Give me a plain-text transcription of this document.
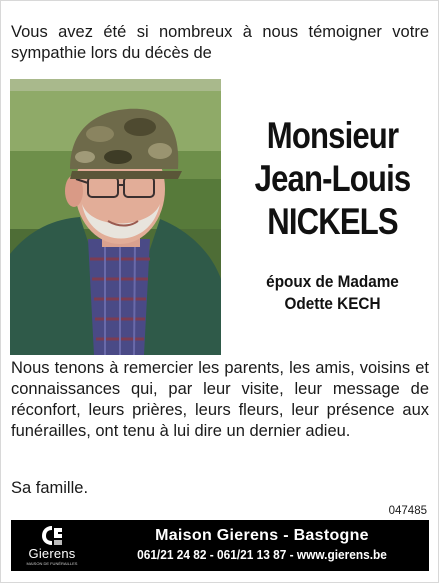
Vous avez été si nombreux à nous témoigner votre sympathie lors du décès de
Monsieur
Jean-Louis
NICKELS
époux de Madame
Odette KECH
Nous tenons à remercier les parents, les amis, voisins et connaissances qui, par leur visite, leur message de réconfort, leurs prières, leurs fleurs, leur présence aux funérailles, ont tenu à lui dire un dernier adieu.
Sa famille.
047485
Gierens
MAISON DE FUNÉRAILLES
Maison Gierens - Bastogne
061/21 24 82 - 061/21 13 87 - www.gierens.be
